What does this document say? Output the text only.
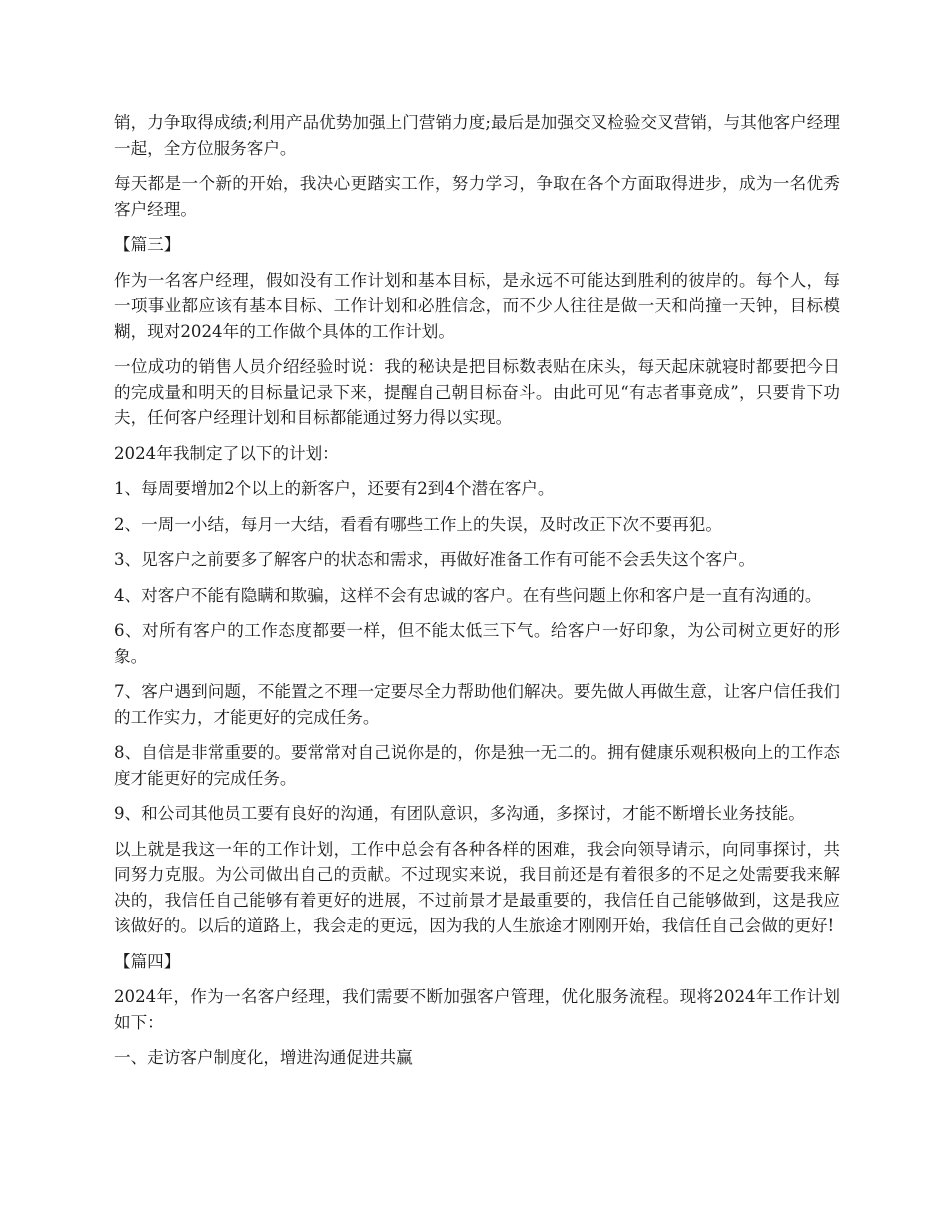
销，力争取得成绩;利用产品优势加强上门营销力度;最后是加强交叉检验交叉营销，与其他客户经理一起，全方位服务客户。

每天都是一个新的开始，我决心更踏实工作，努力学习，争取在各个方面取得进步，成为一名优秀客户经理。

【篇三】

作为一名客户经理，假如没有工作计划和基本目标，是永远不可能达到胜利的彼岸的。每个人，每一项事业都应该有基本目标、工作计划和必胜信念，而不少人往往是做一天和尚撞一天钟，目标模糊，现对2024年的工作做个具体的工作计划。

一位成功的销售人员介绍经验时说：我的秘诀是把目标数表贴在床头，每天起床就寝时都要把今日的完成量和明天的目标量记录下来，提醒自己朝目标奋斗。由此可见“有志者事竟成”，只要肯下功夫，任何客户经理计划和目标都能通过努力得以实现。

2024年我制定了以下的计划：

1、每周要增加2个以上的新客户，还要有2到4个潜在客户。

2、一周一小结，每月一大结，看看有哪些工作上的失误，及时改正下次不要再犯。

3、见客户之前要多了解客户的状态和需求，再做好准备工作有可能不会丢失这个客户。

4、对客户不能有隐瞒和欺骗，这样不会有忠诚的客户。在有些问题上你和客户是一直有沟通的。

6、对所有客户的工作态度都要一样，但不能太低三下气。给客户一好印象，为公司树立更好的形象。

7、客户遇到问题，不能置之不理一定要尽全力帮助他们解决。要先做人再做生意，让客户信任我们的工作实力，才能更好的完成任务。

8、自信是非常重要的。要常常对自己说你是的，你是独一无二的。拥有健康乐观积极向上的工作态度才能更好的完成任务。

9、和公司其他员工要有良好的沟通，有团队意识，多沟通，多探讨，才能不断增长业务技能。

以上就是我这一年的工作计划，工作中总会有各种各样的困难，我会向领导请示，向同事探讨，共同努力克服。为公司做出自己的贡献。不过现实来说，我目前还是有着很多的不足之处需要我来解决的，我信任自己能够有着更好的进展，不过前景才是最重要的，我信任自己能够做到，这是我应该做好的。以后的道路上，我会走的更远，因为我的人生旅途才刚刚开始，我信任自己会做的更好!

【篇四】

2024年，作为一名客户经理，我们需要不断加强客户管理，优化服务流程。现将2024年工作计划如下：

一、走访客户制度化，增进沟通促进共赢
